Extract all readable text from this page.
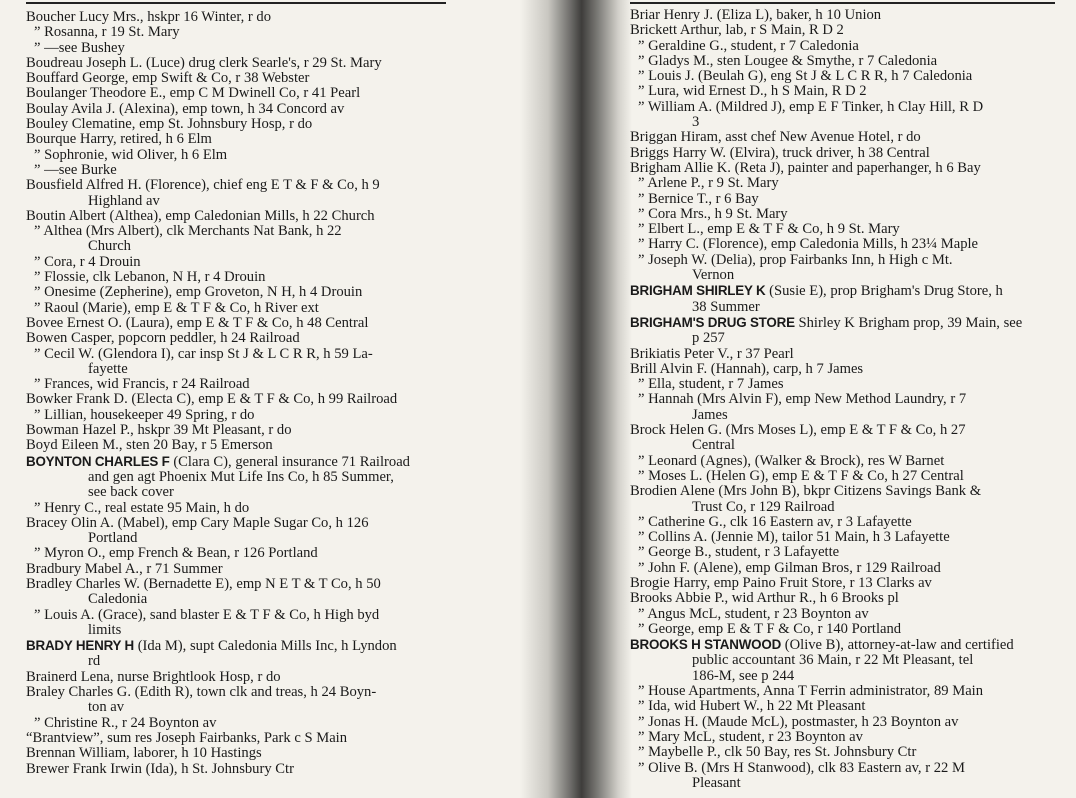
Boucher Lucy Mrs., hskpr 16 Winter, r do
” Rosanna, r 19 St. Mary
” —see Bushey
Boudreau Joseph L. (Luce) drug clerk Searle's, r 29 St. Mary
Bouffard George, emp Swift & Co, r 38 Webster
Boulanger Theodore E., emp C M Dwinell Co, r 41 Pearl
Boulay Avila J. (Alexina), emp town, h 34 Concord av
Bouley Clematine, emp St. Johnsbury Hosp, r do
Bourque Harry, retired, h 6 Elm
” Sophronie, wid Oliver, h 6 Elm
” —see Burke
Bousfield Alfred H. (Florence), chief eng E T & F & Co, h 9
Highland av
Boutin Albert (Althea), emp Caledonian Mills, h 22 Church
” Althea (Mrs Albert), clk Merchants Nat Bank, h 22
Church
” Cora, r 4 Drouin
” Flossie, clk Lebanon, N H, r 4 Drouin
” Onesime (Zepherine), emp Groveton, N H, h 4 Drouin
” Raoul (Marie), emp E & T F & Co, h River ext
Bovee Ernest O. (Laura), emp E & T F & Co, h 48 Central
Bowen Casper, popcorn peddler, h 24 Railroad
” Cecil W. (Glendora I), car insp St J & L C R R, h 59 La-
fayette
” Frances, wid Francis, r 24 Railroad
Bowker Frank D. (Electa C), emp E & T F & Co, h 99 Railroad
” Lillian, housekeeper 49 Spring, r do
Bowman Hazel P., hskpr 39 Mt Pleasant, r do
Boyd Eileen M., sten 20 Bay, r 5 Emerson
BOYNTON CHARLES F (Clara C), general insurance 71 Railroad
and gen agt Phoenix Mut Life Ins Co, h 85 Summer,
see back cover
” Henry C., real estate 95 Main, h do
Bracey Olin A. (Mabel), emp Cary Maple Sugar Co, h 126
Portland
” Myron O., emp French & Bean, r 126 Portland
Bradbury Mabel A., r 71 Summer
Bradley Charles W. (Bernadette E), emp N E T & T Co, h 50
Caledonia
” Louis A. (Grace), sand blaster E & T F & Co, h High byd
limits
BRADY HENRY H (Ida M), supt Caledonia Mills Inc, h Lyndon
rd
Brainerd Lena, nurse Brightlook Hosp, r do
Braley Charles G. (Edith R), town clk and treas, h 24 Boyn-
ton av
” Christine R., r 24 Boynton av
“Brantview”, sum res Joseph Fairbanks, Park c S Main
Brennan William, laborer, h 10 Hastings
Brewer Frank Irwin (Ida), h St. Johnsbury Ctr
Briar Henry J. (Eliza L), baker, h 10 Union
Brickett Arthur, lab, r S Main, R D 2
” Geraldine G., student, r 7 Caledonia
” Gladys M., sten Lougee & Smythe, r 7 Caledonia
” Louis J. (Beulah G), eng St J & L C R R, h 7 Caledonia
” Lura, wid Ernest D., h S Main, R D 2
” William A. (Mildred J), emp E F Tinker, h Clay Hill, R D
3
Briggan Hiram, asst chef New Avenue Hotel, r do
Briggs Harry W. (Elvira), truck driver, h 38 Central
Brigham Allie K. (Reta J), painter and paperhanger, h 6 Bay
” Arlene P., r 9 St. Mary
” Bernice T., r 6 Bay
” Cora Mrs., h 9 St. Mary
” Elbert L., emp E & T F & Co, h 9 St. Mary
” Harry C. (Florence), emp Caledonia Mills, h 23¼ Maple
” Joseph W. (Delia), prop Fairbanks Inn, h High c Mt.
Vernon
BRIGHAM SHIRLEY K (Susie E), prop Brigham's Drug Store, h
38 Summer
BRIGHAM'S DRUG STORE Shirley K Brigham prop, 39 Main, see
p 257
Brikiatis Peter V., r 37 Pearl
Brill Alvin F. (Hannah), carp, h 7 James
” Ella, student, r 7 James
” Hannah (Mrs Alvin F), emp New Method Laundry, r 7
James
Brock Helen G. (Mrs Moses L), emp E & T F & Co, h 27
Central
” Leonard (Agnes), (Walker & Brock), res W Barnet
” Moses L. (Helen G), emp E & T F & Co, h 27 Central
Brodien Alene (Mrs John B), bkpr Citizens Savings Bank &
Trust Co, r 129 Railroad
” Catherine G., clk 16 Eastern av, r 3 Lafayette
” Collins A. (Jennie M), tailor 51 Main, h 3 Lafayette
” George B., student, r 3 Lafayette
” John F. (Alene), emp Gilman Bros, r 129 Railroad
Brogie Harry, emp Paino Fruit Store, r 13 Clarks av
Brooks Abbie P., wid Arthur R., h 6 Brooks pl
” Angus McL, student, r 23 Boynton av
” George, emp E & T F & Co, r 140 Portland
BROOKS H STANWOOD (Olive B), attorney-at-law and certified
public accountant 36 Main, r 22 Mt Pleasant, tel
186-M, see p 244
” House Apartments, Anna T Ferrin administrator, 89 Main
” Ida, wid Hubert W., h 22 Mt Pleasant
” Jonas H. (Maude McL), postmaster, h 23 Boynton av
” Mary McL, student, r 23 Boynton av
” Maybelle P., clk 50 Bay, res St. Johnsbury Ctr
” Olive B. (Mrs H Stanwood), clk 83 Eastern av, r 22 M
Pleasant
